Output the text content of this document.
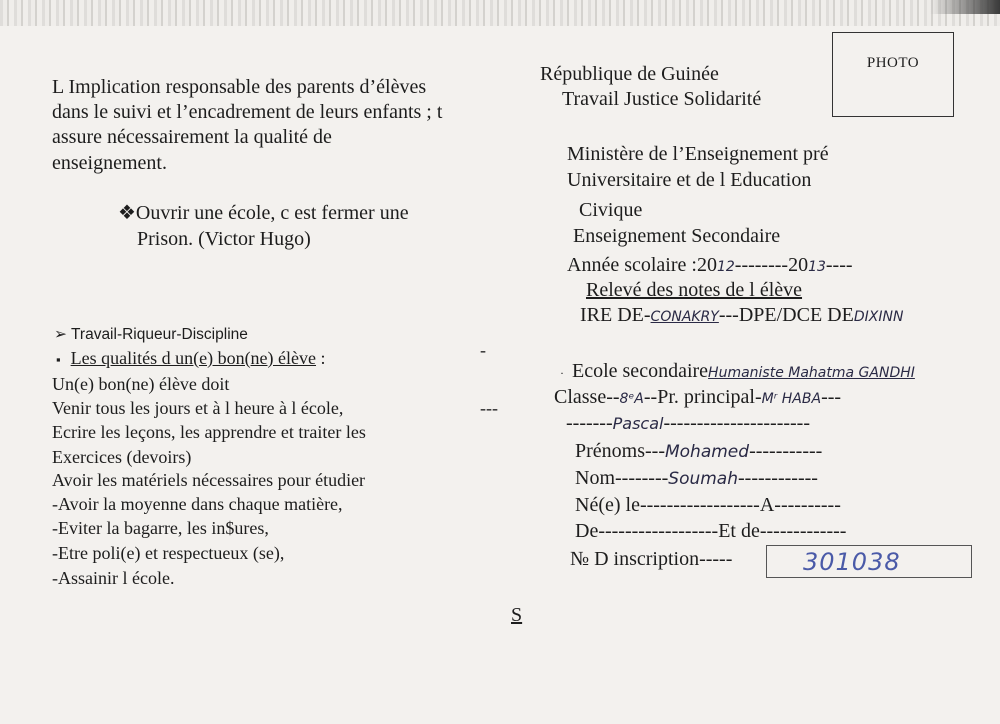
L Implication responsable des parents d’élèves
dans le suivi et l’encadrement de leurs enfants ; t
assure nécessairement la qualité de
enseignement.
❖Ouvrir une école, c est fermer une
Prison. (Victor Hugo)
➢ Travail-Riqueur-Discipline
▪ Les qualités d un(e) bon(ne) élève :	-
Un(e) bon(ne) élève doit
Venir tous les jours et à l heure à l école,	---
Ecrire les leçons, les apprendre et traiter les
Exercices (devoirs)
Avoir les matériels nécessaires pour étudier
-Avoir la moyenne dans chaque matière,
-Eviter la bagarre, les in$ures,
-Etre poli(e) et respectueux (se),
-Assainir l école.
S
République de Guinée
Travail Justice Solidarité
PHOTO
Ministère de l’Enseignement pré
Universitaire et de l Education
Civique
Enseignement Secondaire
Année scolaire :2012--------2013----
Relevé des notes de l élève
IRE DE-CONAKRY---DPE/DCE DEDIXINN
· Ecole secondaireHumaniste Mahatma GANDHI
Classe--8ᵉA--Pr. principal-Mʳ HABA---
-------Pascal----------------------
Prénoms---Mohamed-----------
Nom--------Soumah------------
Né(e) le------------------A----------
De------------------Et de-------------
№ D inscription-----	301038
